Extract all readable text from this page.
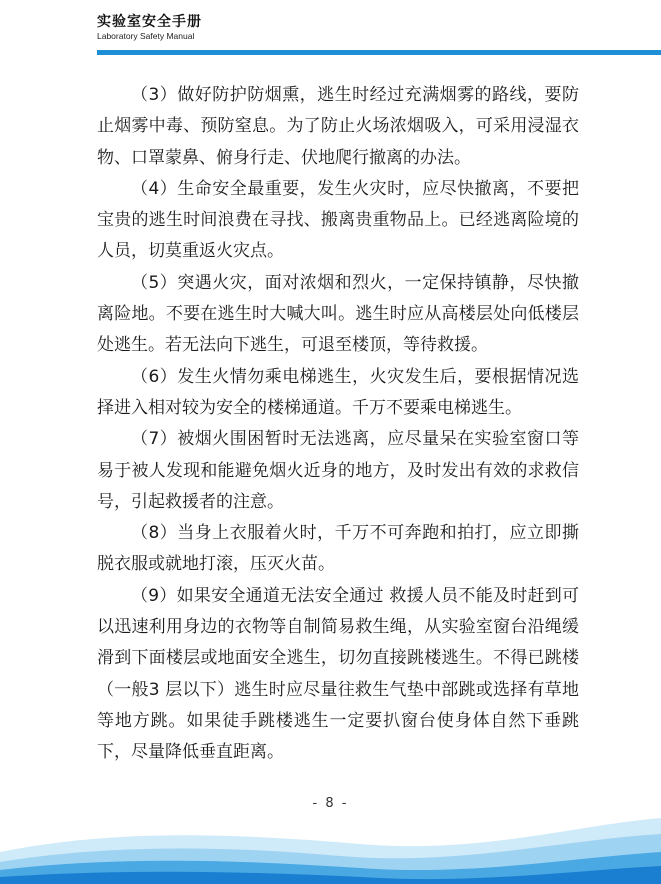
实验室安全手册
Laboratory Safety Manual

（3）做好防护防烟熏，逃生时经过充满烟雾的路线，要防止烟雾中毒、预防窒息。为了防止火场浓烟吸入，可采用浸湿衣物、口罩蒙鼻、俯身行走、伏地爬行撤离的办法。

（4）生命安全最重要，发生火灾时，应尽快撤离，不要把宝贵的逃生时间浪费在寻找、搬离贵重物品上。已经逃离险境的人员，切莫重返火灾点。

（5）突遇火灾，面对浓烟和烈火，一定保持镇静，尽快撤离险地。不要在逃生时大喊大叫。逃生时应从高楼层处向低楼层处逃生。若无法向下逃生，可退至楼顶，等待救援。

（6）发生火情勿乘电梯逃生，火灾发生后，要根据情况选择进入相对较为安全的楼梯通道。千万不要乘电梯逃生。

（7）被烟火围困暂时无法逃离，应尽量呆在实验室窗口等易于被人发现和能避免烟火近身的地方，及时发出有效的求救信号，引起救援者的注意。

（8）当身上衣服着火时，千万不可奔跑和拍打，应立即撕脱衣服或就地打滚，压灭火苗。

（9）如果安全通道无法安全通过 救援人员不能及时赶到可以迅速利用身边的衣物等自制简易救生绳，从实验室窗台沿绳缓滑到下面楼层或地面安全逃生，切勿直接跳楼逃生。不得已跳楼（一般3 层以下）逃生时应尽量往救生气垫中部跳或选择有草地等地方跳。如果徒手跳楼逃生一定要扒窗台使身体自然下垂跳下，尽量降低垂直距离。

- 8 -
